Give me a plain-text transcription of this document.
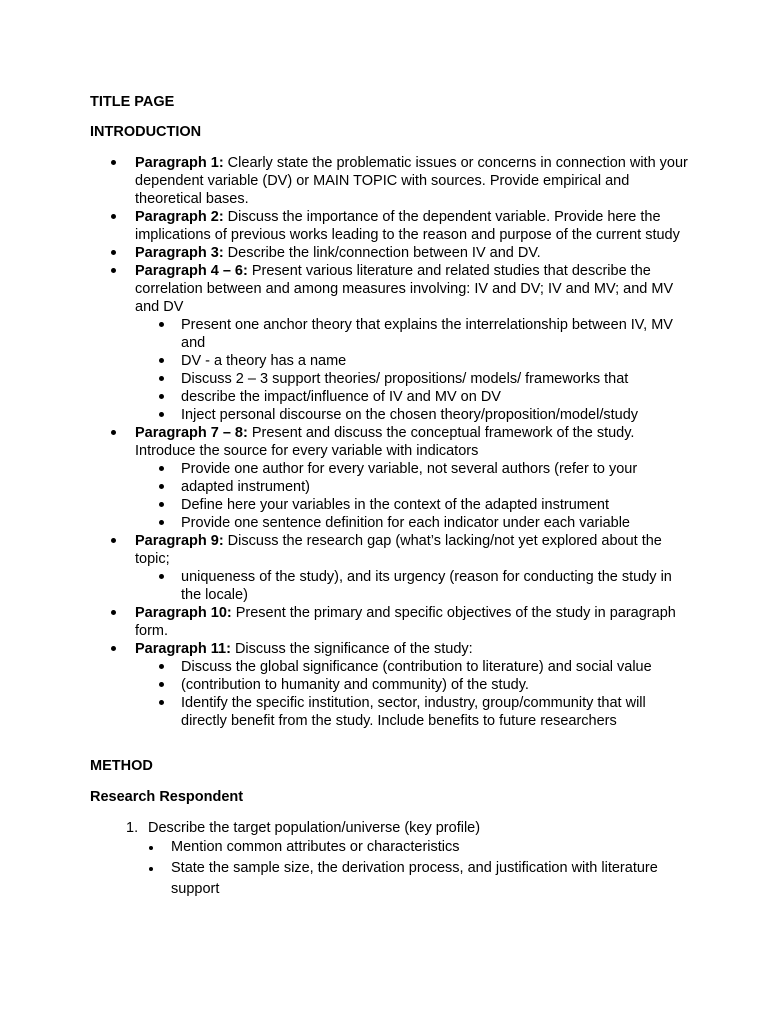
TITLE PAGE
INTRODUCTION
Paragraph 1: Clearly state the problematic issues or concerns in connection with your dependent variable (DV) or MAIN TOPIC with sources. Provide empirical and theoretical bases.
Paragraph 2: Discuss the importance of the dependent variable. Provide here the implications of previous works leading to the reason and purpose of the current study
Paragraph 3: Describe the link/connection between IV and DV.
Paragraph 4 – 6: Present various literature and related studies that describe the correlation between and among measures involving: IV and DV; IV and MV; and MV and DV
Present one anchor theory that explains the interrelationship between IV, MV and
DV - a theory has a name
Discuss 2 – 3 support theories/ propositions/ models/ frameworks that
describe the impact/influence of IV and MV on DV
Inject personal discourse on the chosen theory/proposition/model/study
Paragraph 7 – 8: Present and discuss the conceptual framework of the study. Introduce the source for every variable with indicators
Provide one author for every variable, not several authors (refer to your
adapted instrument)
Define here your variables in the context of the adapted instrument
Provide one sentence definition for each indicator under each variable
Paragraph 9: Discuss the research gap (what’s lacking/not yet explored about the topic;
uniqueness of the study), and its urgency (reason for conducting the study in the locale)
Paragraph 10: Present the primary and specific objectives of the study in paragraph form.
Paragraph 11: Discuss the significance of the study:
Discuss the global significance (contribution to literature) and social value
(contribution to humanity and community) of the study.
Identify the specific institution, sector, industry, group/community that will directly benefit from the study. Include benefits to future researchers
METHOD
Research Respondent
1. Describe the target population/universe (key profile)
Mention common attributes or characteristics
State the sample size, the derivation process, and justification with literature support
